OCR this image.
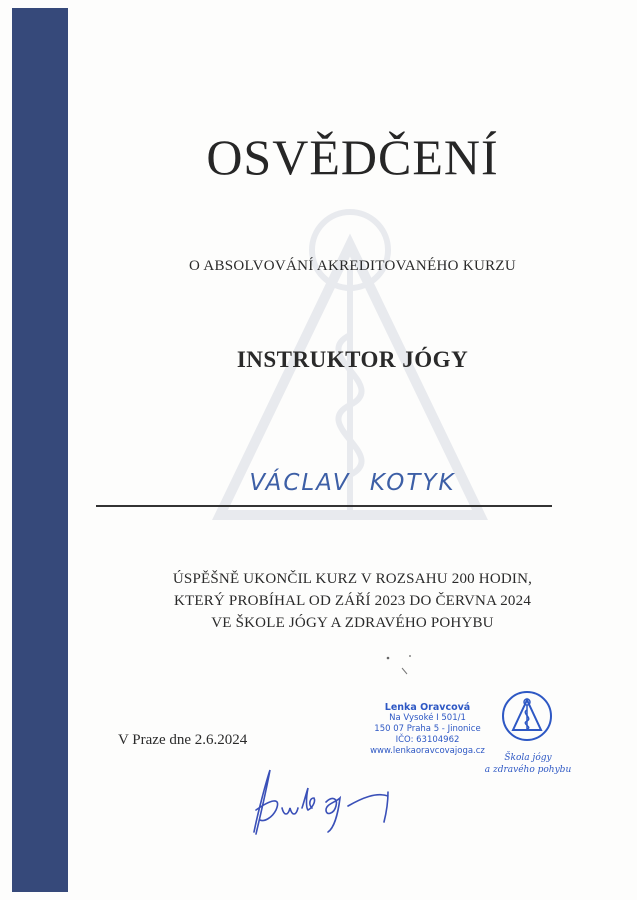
OSVĚDČENÍ
O ABSOLVOVÁNÍ AKREDITOVANÉHO KURZU
INSTRUKTOR JÓGY
VÁCLAV KOTYK
ÚSPĚŠNĚ UKONČIL KURZ V ROZSAHU 200 HODIN,
KTERÝ PROBÍHAL OD ZÁŘÍ 2023 DO ČERVNA 2024
VE ŠKOLE JÓGY A ZDRAVÉHO POHYBU
V Praze dne 2.6.2024
Lenka Oravcová
Na Vysoké I 501/1
150 07 Praha 5 - Jinonice
IČO: 63104962
www.lenkaoravcovajoga.cz
Škola jógy
a zdravého pohybu
